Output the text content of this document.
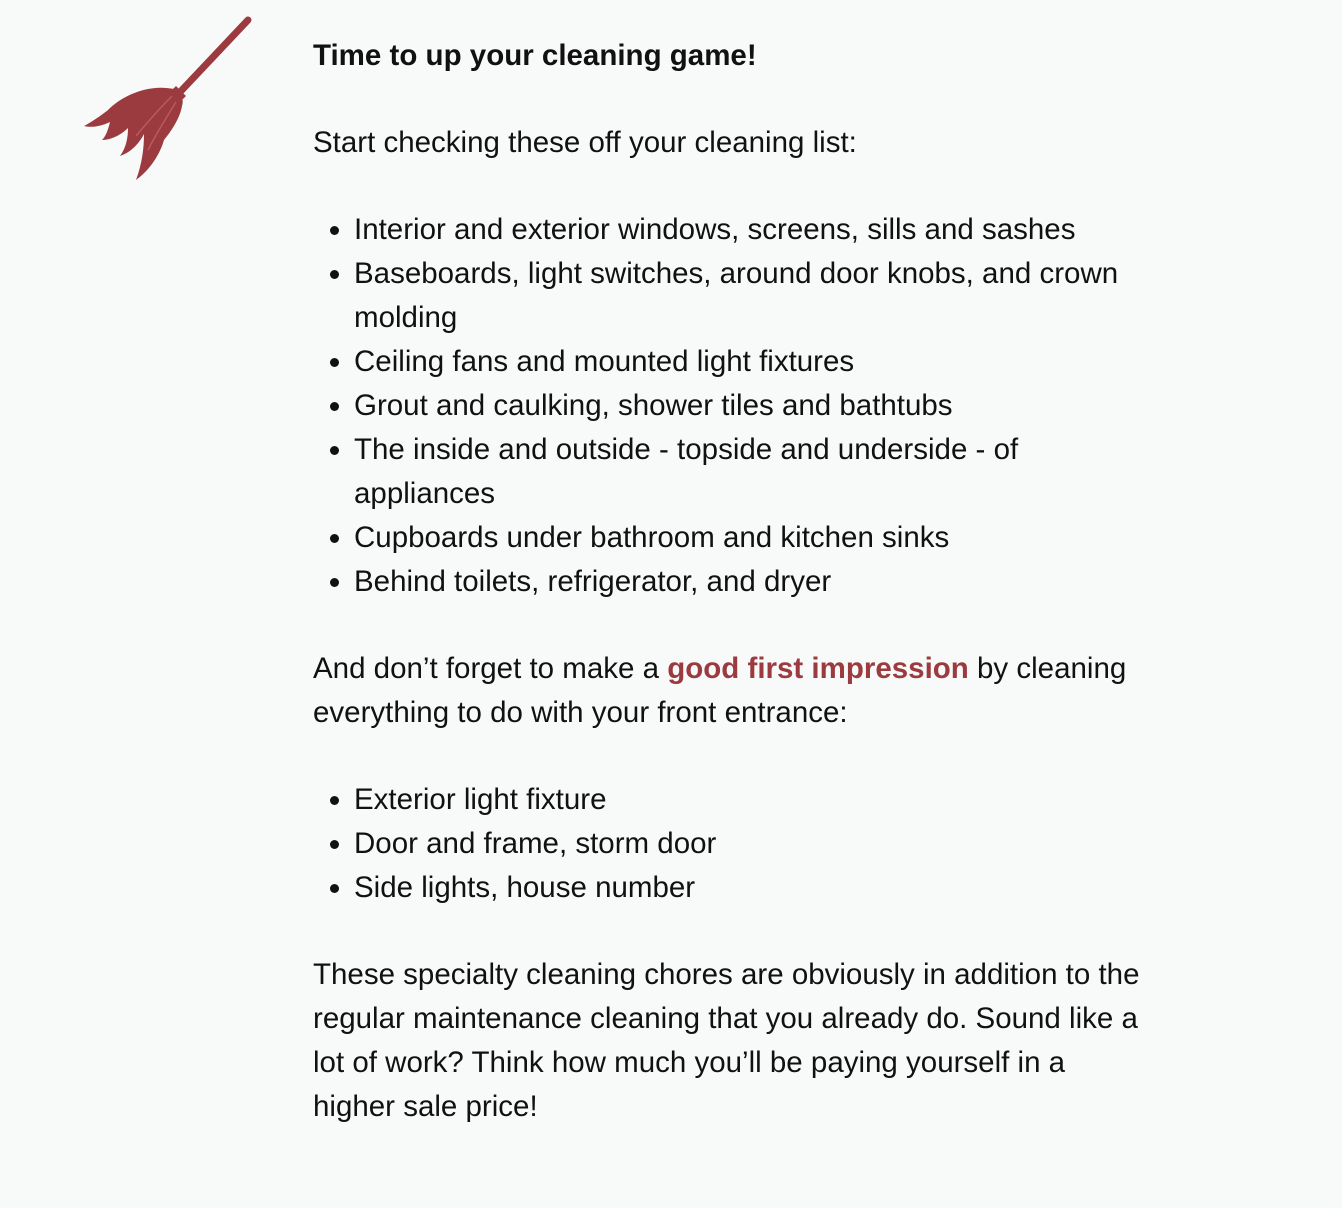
Time to up your cleaning game!

Start checking these off your cleaning list:

• Interior and exterior windows, screens, sills and sashes
• Baseboards, light switches, around door knobs, and crown molding
• Ceiling fans and mounted light fixtures
• Grout and caulking, shower tiles and bathtubs
• The inside and outside - topside and underside - of appliances
• Cupboards under bathroom and kitchen sinks
• Behind toilets, refrigerator, and dryer

And don’t forget to make a good first impression by cleaning everything to do with your front entrance:

• Exterior light fixture
• Door and frame, storm door
• Side lights, house number

These specialty cleaning chores are obviously in addition to the regular maintenance cleaning that you already do. Sound like a lot of work? Think how much you’ll be paying yourself in a higher sale price!
